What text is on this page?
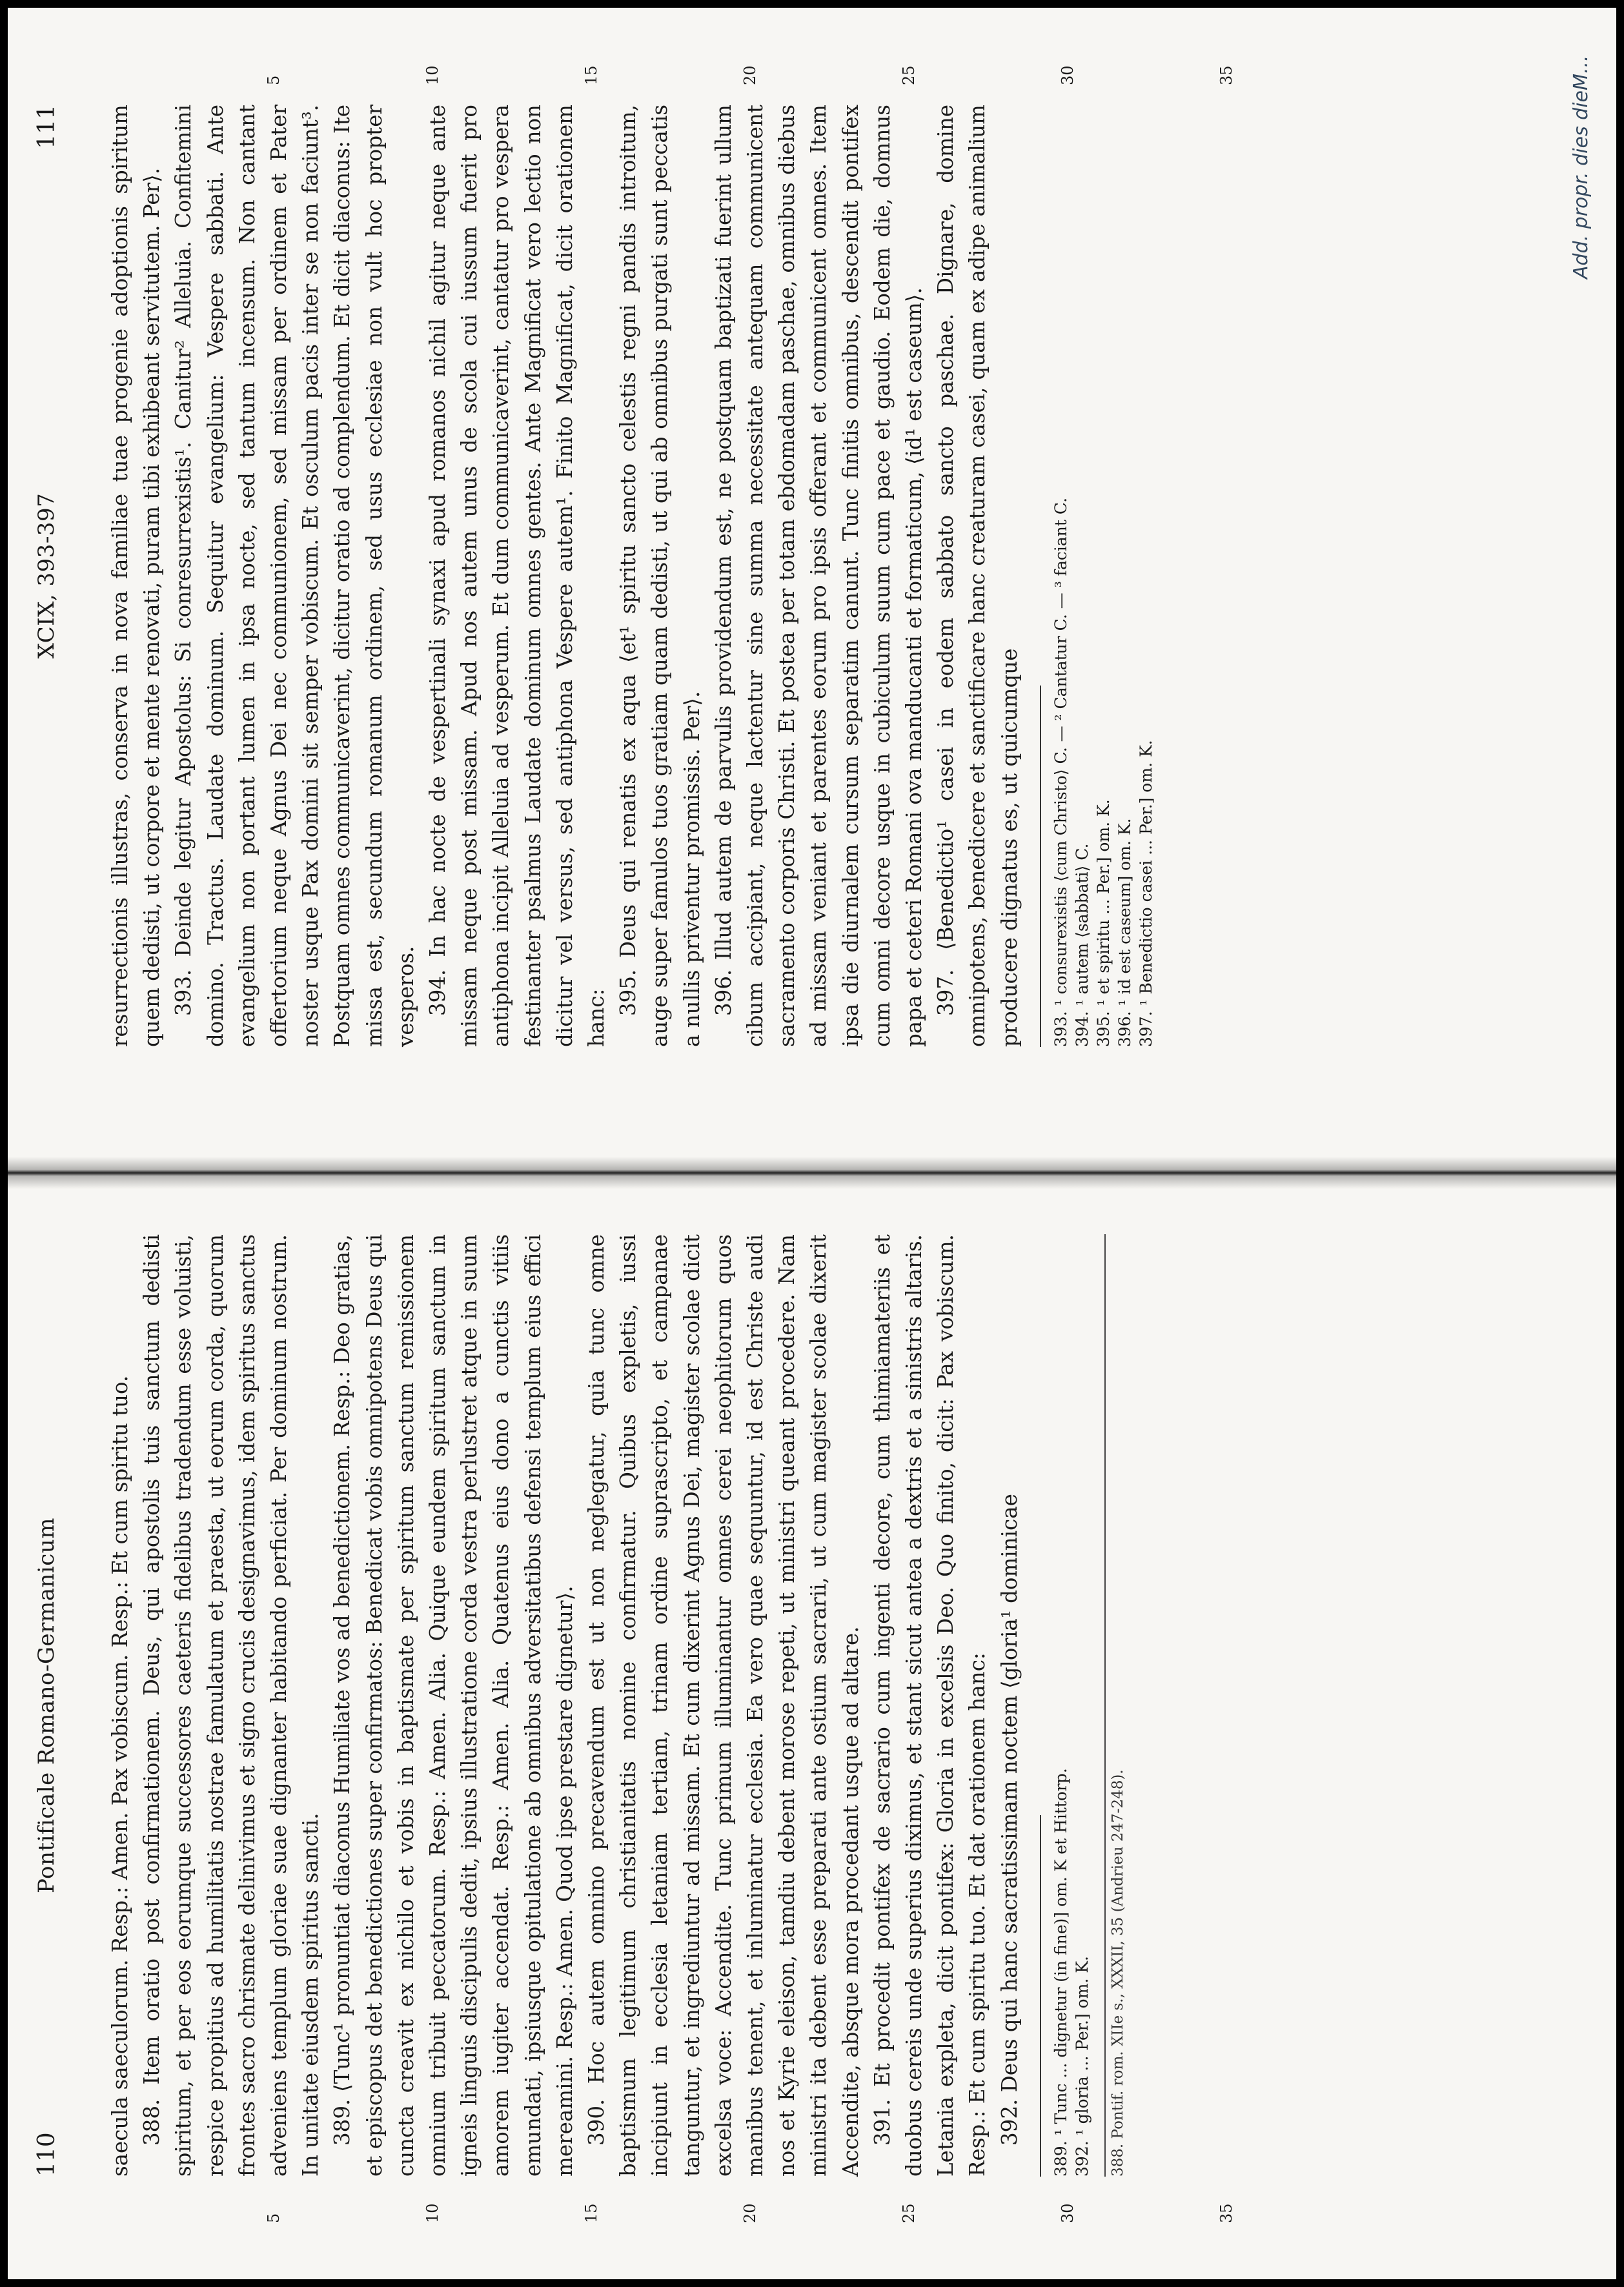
110
Pontificale Romano-Germanicum
5	10	15	20	25	30	35

saecula saeculorum. Resp.: Amen. Pax vobiscum. Resp.: Et cum spiritu tuo. 388. Item oratio post confirmationem. Deus, qui apostolis tuis sanctum dedisti spiritum, et per eos eorumque successores caeteris fidelibus tradendum esse voluisti, respice propitius ad humilitatis nostrae famulatum et praesta, ut eorum corda, quorum frontes sacro chrismate delinivimus et signo crucis designavimus, idem spiritus sanctus adveniens templum gloriae suae dignanter habitando perficiat. Per dominum nostrum. In unitate eiusdem spiritus sancti. 389. ⟨Tunc¹ pronuntiat diaconus Humiliate vos ad benedictionem. Resp.: Deo gratias, et episcopus det benedictiones super confirmatos: Benedicat vobis omnipotens Deus qui cuncta creavit ex nichilo et vobis in baptismate per spiritum sanctum remissionem omnium tribuit peccatorum. Resp.: Amen. Alia. Quique eundem spiritum sanctum in igneis linguis discipulis dedit, ipsius illustratione corda vestra perlustret atque in suum amorem iugiter accendat. Resp.: Amen. Alia. Quatenus eius dono a cunctis vitiis emundati, ipsiusque opitulatione ab omnibus adversitatibus defensi templum eius effici mereamini. Resp.: Amen. Quod ipse prestare dignetur⟩. 390. Hoc autem omnino precavendum est ut non neglegatur, quia tunc omne baptismum legitimum christianitatis nomine confirmatur. Quibus expletis, iussi incipiunt in ecclesia letaniam tertiam, trinam ordine suprascripto, et campanae tanguntur, et ingrediuntur ad missam. Et cum dixerint Agnus Dei, magister scolae dicit excelsa voce: Accendite. Tunc primum illuminantur omnes cerei neophitorum quos manibus tenent, et inluminatur ecclesia. Ea vero quae sequuntur, id est Christe audi nos et Kyrie eleison, tamdiu debent morose repeti, ut ministri queant procedere. Nam ministri ita debent esse preparati ante ostium sacrarii, ut cum magister scolae dixerit Accendite, absque mora procedant usque ad altare. 391. Et procedit pontifex de sacrario cum ingenti decore, cum thimiamateriis et duobus cereis unde superius diximus, et stant sicut antea a dextris et a sinistris altaris. Letania expleta, dicit pontifex: Gloria in excelsis Deo. Quo finito, dicit: Pax vobiscum. Resp.: Et cum spiritu tuo. Et dat orationem hanc: 392. Deus qui hanc sacratissimam noctem ⟨gloria¹ dominicae 389. ¹ Tunc ... dignetur (in fine)] om. K et Hittorp. 392. ¹ gloria ... Per.] om. K.	388. Pontif. rom. XIIe s., XXXII, 35 (Andrieu 247-248).
XCIX, 393-397
111
5	10	15	20	25	30	35

resurrectionis illustras, conserva in nova familiae tuae progenie adoptionis spiritum quem dedisti, ut corpore et mente renovati, puram tibi exhibeant servitutem. Per⟩. 393. Deinde legitur Apostolus: Si conresurrexistis¹. Canitur² Alleluia. Confitemini domino. Tractus. Laudate dominum. Sequitur evangelium: Vespere sabbati. Ante evangelium non portant lumen in ipsa nocte, sed tantum incensum. Non cantant offertorium neque Agnus Dei nec communionem, sed missam per ordinem et Pater noster usque Pax domini sit semper vobiscum. Et osculum pacis inter se non faciunt³. Postquam omnes communicaverint, dicitur oratio ad complendum. Et dicit diaconus: Ite missa est, secundum romanum ordinem, sed usus ecclesiae non vult hoc propter vesperos. 394. In hac nocte de vespertinali synaxi apud romanos nichil agitur neque ante missam neque post missam. Apud nos autem unus de scola cui iussum fuerit pro antiphona incipit Alleluia ad vesperum. Et dum communicaverint, cantatur pro vespera festinanter psalmus Laudate dominum omnes gentes. Ante Magnificat vero lectio non dicitur vel versus, sed antiphona Vespere autem¹. Finito Magnificat, dicit orationem hanc:

395. Deus qui renatis ex aqua ⟨et¹ spiritu sancto celestis regni pandis introitum, auge super famulos tuos gratiam quam dedisti, ut qui ab omnibus purgati sunt peccatis a nullis priventur promissis. Per⟩. 396. Illud autem de parvulis providendum est, ne postquam baptizati fuerint ullum cibum accipiant, neque lactentur sine summa necessitate antequam communicent sacramento corporis Christi. Et postea per totam ebdomadam paschae, omnibus diebus ad missam veniant et parentes eorum pro ipsis offerant et communicent omnes. Item ipsa die diurnalem cursum separatim canunt. Tunc finitis omnibus, descendit pontifex cum omni decore usque in cubiculum suum cum pace et gaudio. Eodem die, domnus papa et ceteri Romani ova manducanti et formaticum, ⟨id¹ est caseum⟩. 397. ⟨Benedictio¹ casei in eodem sabbato sancto paschae. Dignare, domine omnipotens, benedicere et sanctificare hanc creaturam casei, quam ex adipe animalium producere dignatus es, ut quicumque 393. ¹ consurexistis ⟨cum Christo⟩ C. — ² Cantatur C. — ³ faciant C. 394. ¹ autem ⟨sabbati⟩ C. 395. ¹ et spiritu ... Per.] om. K. 396. ¹ id est caseum] om. K. 397. ¹ Benedictio casei ... Per.] om. K.
Add. propr. dies dieM...
